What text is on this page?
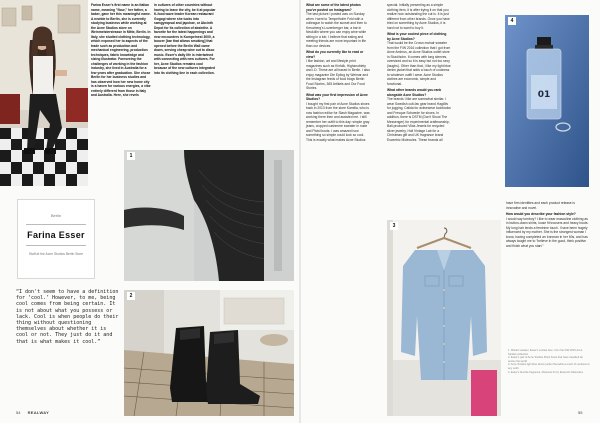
Farina Esser's first name is an Italian name, meaning "flour," her father, a baker, gave her this meaningful name. A newbie to Berlin, she is currently studying business while working at the Acne Studios store on Weinmeisterstrasse in Mitte, Berlin. In Italy, she studied clothing technology, which exposed her to aspects of the trade such as production and mechanical engineering, production techniques, fabric knowledge and sizing illustrator. Foreseeing the challenges of working in the fashion industry, she lived in Australia for a few years after graduation. She chose Berlin for her business studies and has observed how her new home city is a haven for various energies, a vibe entirely different from those in Italy and Australia. Here, she revels
in cultures of other countries without having to leave the city, be it at popular K-food wave leader Korean restaurant Gogogi where she tucks into samgyeopsal and japchae, or Abcinth Depot for its collection of absinthe. A favorite for the latest happenings and new encounters is Kumpelnest 3000, a boozer [bar that allows smoking] that opened before the Berlin Wall came down, serving cheap wine out to disco music. Esser's daily life is intertwined with connecting with new cultures. For her, Acne Studios remains cool because of the new cultures integrated into its clothing line in each collection.
1
Berlin
Farina Esser
Staff at the Acne Studios Berlin Store
“I don't seem to have a definition for ‘cool.’ However, to me, being cool comes from being certain. It is not about what you possess or lack. Cool is when people do their thing without questioning themselves about whether it is cool or not. They just do it and that is what makes it cool.”
2
54 REALWAY
What are some of the latest photos you've posted on Instagram?
The last picture I posted was on Sunday when I went to Tempelhofer Feld with a colleague to watch the sunset and then to Kreuzberg's Luzenberger bar, a bar in Neukölln where you can enjoy wine while sitting in a tub. I believe that eating and meeting friends are more important in life than our devices.
What do you currently like to read or view?
I like fashion, art and lifestyle print magazines such as Kinfolk, Highsnobiety and i-D. These are all based in Berlin. I also enjoy magazine Die Epilog by Weimar and the Instagram feeds of food blogs Berlin Food Stories, 365 Artikels and Our Food Stories.
What was your first impression of Acne Studios?
I bought my first pair of Acne Studios shoes back in 2013 from the store Kamilla, who is now fashion editor for Slash Magazine, was working there then and assisted me. I still remember her outfit to this day: simple gray jeans, cropped cashmere sweater in nude and Pistol boots. I was amazed how something so simple could look so cool. This is exactly what makes Acne Studios
special. Initially presenting as a simple clothing item, it is after trying it on that you realize how outstanding the cut is. It is just different from other brands. Once you have tried on something by Acne Studios, it is hard not to want to buy it.
What is your coolest piece of clothing by Acne Studios?
That would be the Crown mohair sweater from the F/W 2016 collection that I got from Anne Ambrus, an Acne Studios outlet store in Stockholm. It comes with long sleeves, oversized and so it is easy but not too sexy (laughs). Other than that, I like my light blue denim jacket that adds a touch of coolness to whatever outfit I wear. Acne Studios clothes are economic, simple and functional.
What other brands would you rank alongside Acne Studios?
The brands I like are somewhat similar. I wear Swedish cult-fav gear brand Haglöfs for jogging, Calida for activewear lookbooks and Fresque Schwede for shoes. In addition, there is DSTM (Don't Shoot The Messenger) for experimental craftmanship, Bali-produced Vilas Jewels for recycled silver jewelry, Holl Vintage Lab for a Christmas gift and UK fragrance brand Escentric Molecules. These brands all
01
4
3
have firm identities and each product release is innovative and novel.
How would you describe your fashion style?
I would say tomboy? I like to wear masculine clothing as in button-down shirts, loose fit trousers and heavy boots. My long hair lends a feminine touch. I have been hugely influenced by my mother. She is the strongest woman I know, having completed an Ironman in her 60s, and has always taught me to "believe in the good, think positive and finish what you start."
1. Mohair sweater, Esser's coolest item, from the F/W 2016 Acne Studios collection
2. Esser's pair of Acne Studios Pistol boots that have travelled far across the world
3. Acne Studios light blue denim jacket that adds a touch of coolness to any outfit
4. Esser's favorite fragrance, Molecule 01 by Escentric Molecules
55
